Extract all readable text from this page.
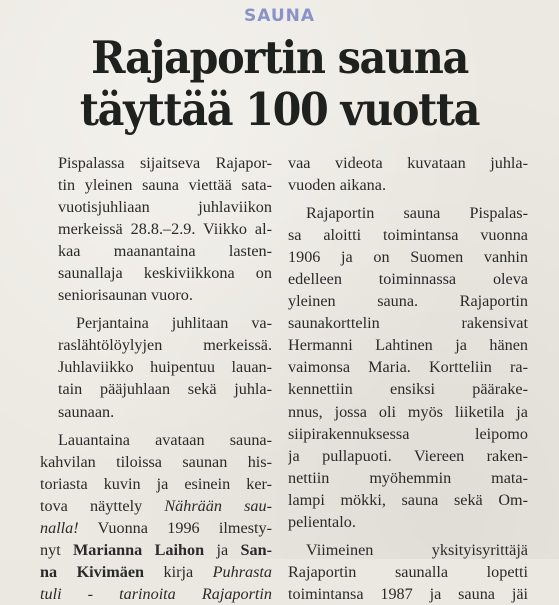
SAUNA
Rajaportin sauna
täyttää 100 vuotta

Pispalassa sijaitseva Rajapor-
tin yleinen sauna viettää sata-
vuotisjuhliaan juhlaviikon
merkeissä 28.8.–2.9. Viikko al-
kaa maanantaina lasten-
saunallaja keskiviikkona on
seniorisaunan vuoro.

Perjantaina juhlitaan va-
raslähtölöylyjen merkeissä.
Juhlaviikko huipentuu lauan-
tain pääjuhlaan sekä juhla-
saunaan.

Lauantaina avataan sauna-
kahvilan tiloissa saunan his-
toriasta kuvin ja esinein ker-
tova näyttely Nährään sau-
nalla! Vuonna 1996 ilmesty-
nyt Marianna Laihon ja San-
na Kivimäen kirja Puhrasta
tuli - tarinoita Rajaportin

vaa videota kuvataan juhla-
vuoden aikana.

Rajaportin sauna Pispalas-
sa aloitti toimintansa vuonna
1906 ja on Suomen vanhin
edelleen toiminnassa oleva
yleinen sauna. Rajaportin
saunakorttelin rakensivat
Hermanni Lahtinen ja hänen
vaimonsa Maria. Kortteliin ra-
kennettiin ensiksi päärake-
nnus, jossa oli myös liiketila ja
siipirakennuksessa leipomo
ja pullapuoti. Viereen raken-
nettiin myöhemmin mata-
lampi mökki, sauna sekä Om-
pelientalo.

Viimeinen yksityisyrittäjä
Rajaportin saunalla lopetti
toimintansa 1987 ja sauna jäi
